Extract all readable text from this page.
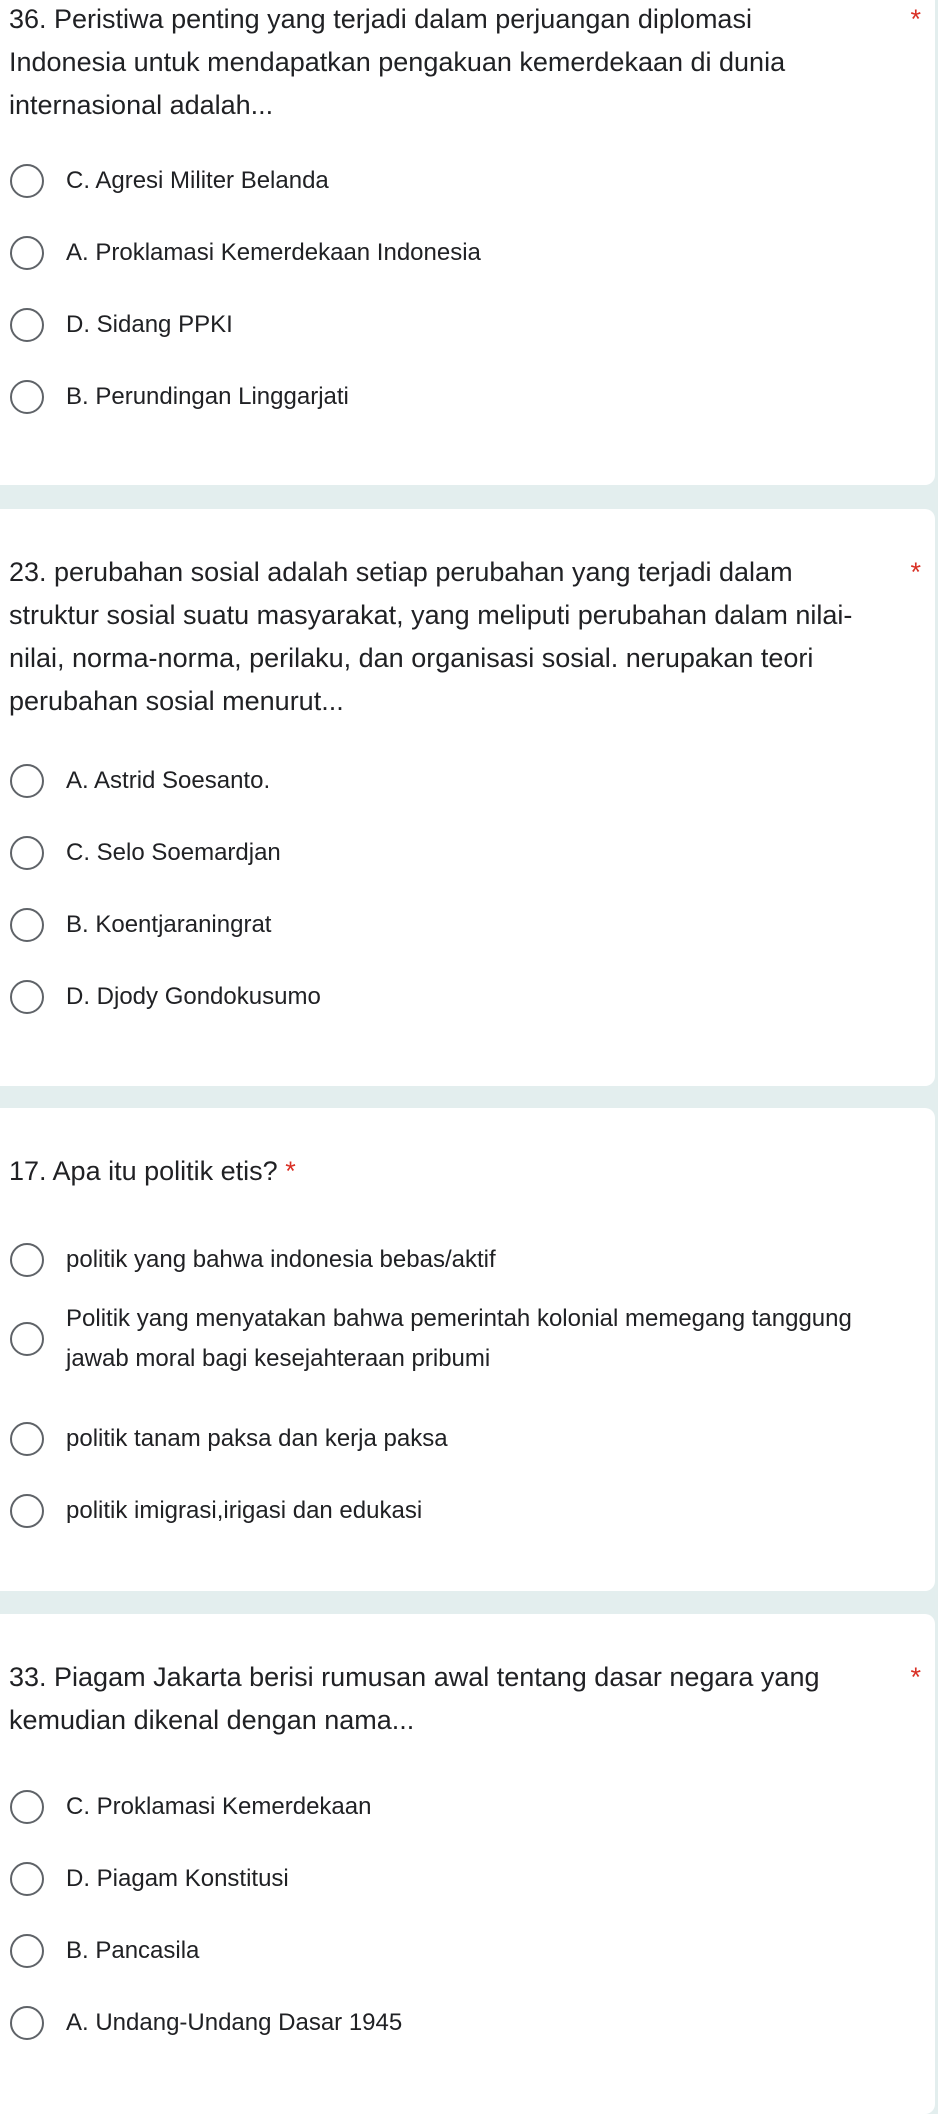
36. Peristiwa penting yang terjadi dalam perjuangan diplomasi Indonesia untuk mendapatkan pengakuan kemerdekaan di dunia internasional adalah...
*
C. Agresi Militer Belanda
A. Proklamasi Kemerdekaan Indonesia
D. Sidang PPKI
B. Perundingan Linggarjati
23. perubahan sosial adalah setiap perubahan yang terjadi dalam struktur sosial suatu masyarakat, yang meliputi perubahan dalam nilai-nilai, norma-norma, perilaku, dan organisasi sosial. nerupakan teori perubahan sosial menurut...
*
A. Astrid Soesanto.
C. Selo Soemardjan
B. Koentjaraningrat
D. Djody Gondokusumo
17. Apa itu politik etis? *
politik yang bahwa indonesia bebas/aktif
Politik yang menyatakan bahwa pemerintah kolonial memegang tanggung jawab moral bagi kesejahteraan pribumi
politik tanam paksa dan kerja paksa
politik imigrasi,irigasi dan edukasi
33. Piagam Jakarta berisi rumusan awal tentang dasar negara yang kemudian dikenal dengan nama...
*
C. Proklamasi Kemerdekaan
D. Piagam Konstitusi
B. Pancasila
A. Undang-Undang Dasar 1945
